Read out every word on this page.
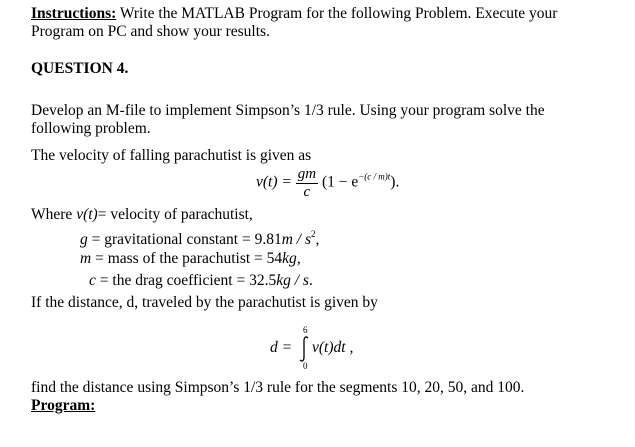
Instructions: Write the MATLAB Program for the following Problem. Execute your
Program on PC and show your results.
QUESTION 4.
Develop an M-file to implement Simpson’s 1/3 rule. Using your program solve the
following problem.
The velocity of falling parachutist is given as
$v(t) = \frac{gm}{c} (1 - e^{-(c / m)t})$.
Where v(t)= velocity of parachutist,
g = gravitational constant = $9.81m / s^2$,
m = mass of the parachutist = 54kg,
c = the drag coefficient = 32.5kg / s.
If the distance, d, traveled by the parachutist is given by
d =
6
0
v(t)dt ,
find the distance using Simpson’s 1/3 rule for the segments 10, 20, 50, and 100.
Program:
